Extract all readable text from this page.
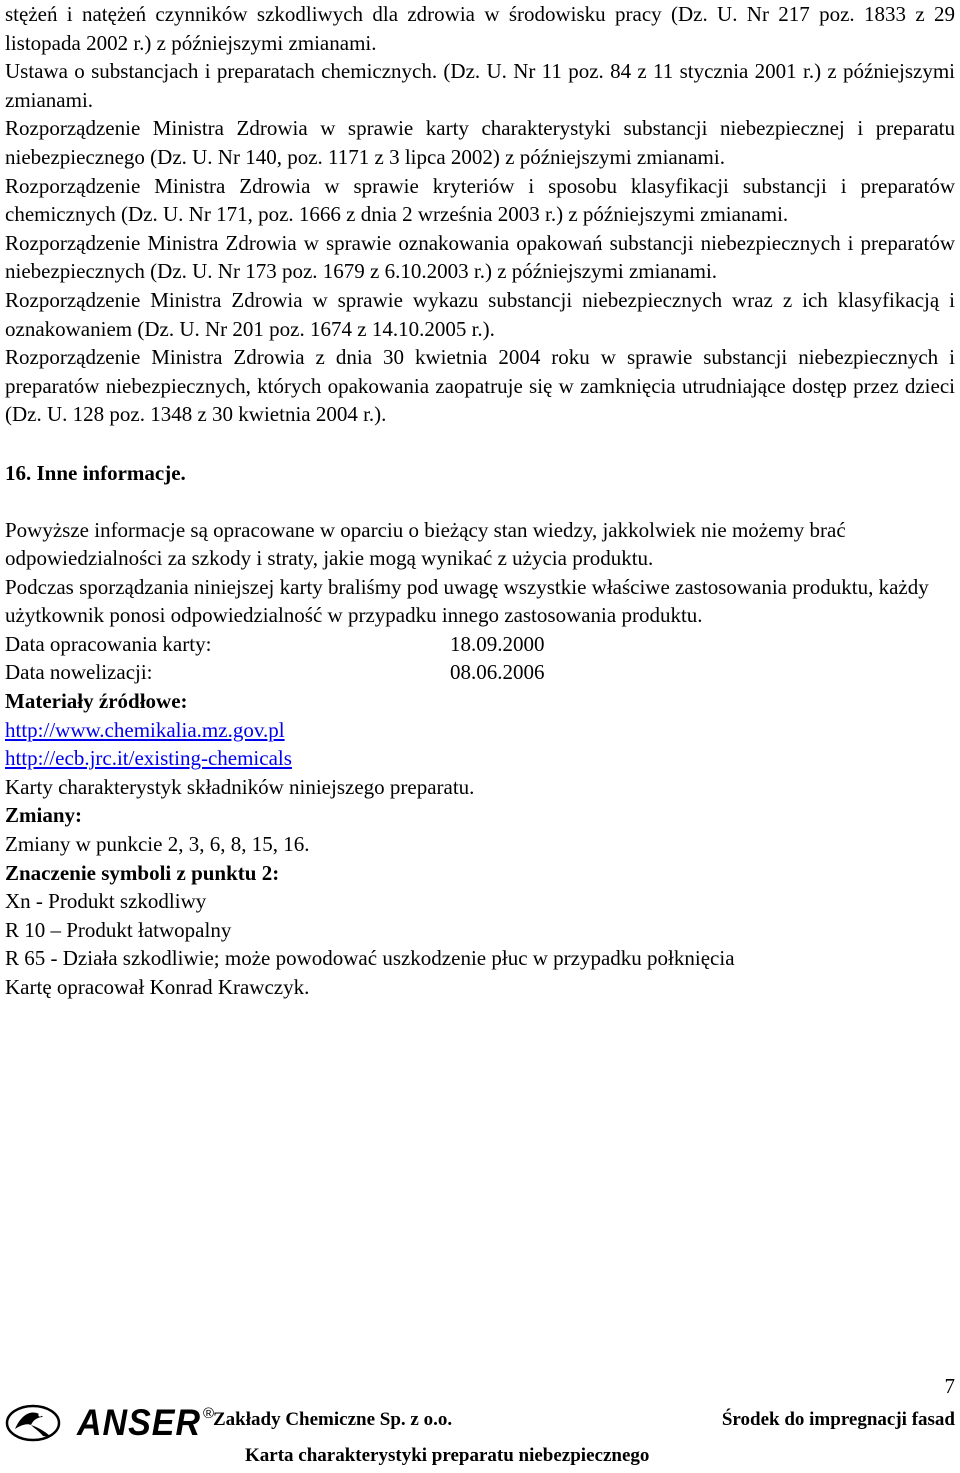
stężeń i natężeń czynników szkodliwych dla zdrowia w środowisku pracy (Dz. U. Nr 217 poz. 1833 z 29 listopada 2002 r.) z późniejszymi zmianami.

Ustawa o substancjach i preparatach chemicznych. (Dz. U. Nr 11 poz. 84 z 11 stycznia 2001 r.) z późniejszymi zmianami.

Rozporządzenie Ministra Zdrowia w sprawie karty charakterystyki substancji niebezpiecznej i preparatu niebezpiecznego (Dz. U. Nr 140, poz. 1171 z 3 lipca 2002) z późniejszymi zmianami.

Rozporządzenie Ministra Zdrowia w sprawie kryteriów i sposobu klasyfikacji substancji i preparatów chemicznych (Dz. U. Nr 171, poz. 1666 z dnia 2 września 2003 r.) z późniejszymi zmianami.

Rozporządzenie Ministra Zdrowia w sprawie oznakowania opakowań substancji niebezpiecznych i preparatów niebezpiecznych (Dz. U. Nr 173 poz. 1679 z 6.10.2003 r.) z późniejszymi zmianami.

Rozporządzenie Ministra Zdrowia w sprawie wykazu substancji niebezpiecznych wraz z ich klasyfikacją i oznakowaniem (Dz. U. Nr 201 poz. 1674 z 14.10.2005 r.).

Rozporządzenie Ministra Zdrowia z dnia 30 kwietnia 2004 roku w sprawie substancji niebezpiecznych i preparatów niebezpiecznych, których opakowania zaopatruje się w zamknięcia utrudniające dostęp przez dzieci (Dz. U. 128 poz. 1348 z 30 kwietnia 2004 r.).

16. Inne informacje.

Powyższe informacje są opracowane w oparciu o bieżący stan wiedzy, jakkolwiek nie możemy brać odpowiedzialności za szkody i straty, jakie mogą wynikać z użycia produktu.

Podczas sporządzania niniejszej karty braliśmy pod uwagę wszystkie właściwe zastosowania produktu, każdy użytkownik ponosi odpowiedzialność w przypadku innego zastosowania produktu.

Data opracowania karty:	18.09.2000
Data nowelizacji:	08.06.2006

Materiały źródłowe:

http://www.chemikalia.mz.gov.pl

http://ecb.jrc.it/existing-chemicals

Karty charakterystyk składników niniejszego preparatu.

Zmiany:

Zmiany w punkcie 2, 3, 6, 8, 15, 16.

Znaczenie symboli z punktu 2:

Xn - Produkt szkodliwy

R 10 – Produkt łatwopalny

R 65 - Działa szkodliwie; może powodować uszkodzenie płuc w przypadku połknięcia

Kartę opracował Konrad Krawczyk.

7
ANSER ®
Zakłady Chemiczne Sp. z o.o.	Środek do impregnacji fasad
Karta charakterystyki preparatu niebezpiecznego
